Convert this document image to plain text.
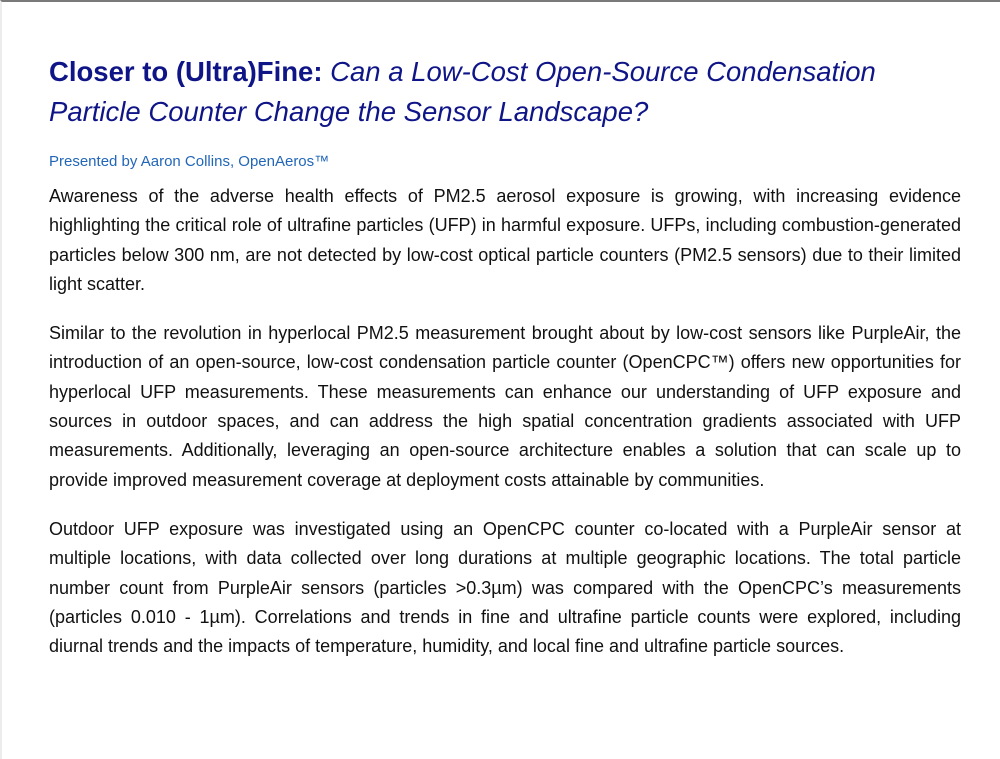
Closer to (Ultra)Fine: Can a Low-Cost Open-Source Condensation Particle Counter Change the Sensor Landscape?

Presented by Aaron Collins, OpenAeros™

Awareness of the adverse health effects of PM2.5 aerosol exposure is growing, with increasing evidence highlighting the critical role of ultrafine particles (UFP) in harmful exposure. UFPs, including combustion-generated particles below 300 nm, are not detected by low-cost optical particle counters (PM2.5 sensors) due to their limited light scatter.

Similar to the revolution in hyperlocal PM2.5 measurement brought about by low-cost sensors like PurpleAir, the introduction of an open-source, low-cost condensation particle counter (OpenCPC™) offers new opportunities for hyperlocal UFP measurements. These measurements can enhance our understanding of UFP exposure and sources in outdoor spaces, and can address the high spatial concentration gradients associated with UFP measurements. Additionally, leveraging an open-source architecture enables a solution that can scale up to provide improved measurement coverage at deployment costs attainable by communities.

Outdoor UFP exposure was investigated using an OpenCPC counter co-located with a PurpleAir sensor at multiple locations, with data collected over long durations at multiple geographic locations. The total particle number count from PurpleAir sensors (particles >0.3µm) was compared with the OpenCPC’s measurements (particles 0.010 - 1µm). Correlations and trends in fine and ultrafine particle counts were explored, including diurnal trends and the impacts of temperature, humidity, and local fine and ultrafine particle sources.
